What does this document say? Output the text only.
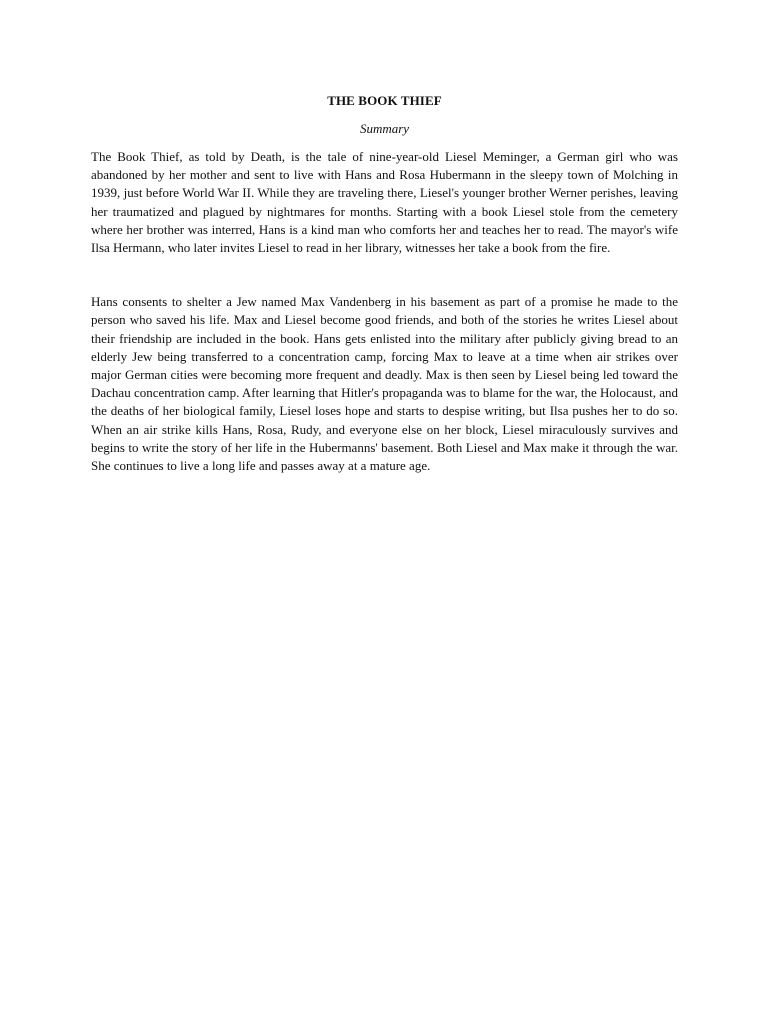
THE BOOK THIEF
Summary

The Book Thief, as told by Death, is the tale of nine-year-old Liesel Meminger, a German girl who was abandoned by her mother and sent to live with Hans and Rosa Hubermann in the sleepy town of Molching in 1939, just before World War II. While they are traveling there, Liesel's younger brother Werner perishes, leaving her traumatized and plagued by nightmares for months. Starting with a book Liesel stole from the cemetery where her brother was interred, Hans is a kind man who comforts her and teaches her to read. The mayor's wife Ilsa Hermann, who later invites Liesel to read in her library, witnesses her take a book from the fire.

Hans consents to shelter a Jew named Max Vandenberg in his basement as part of a promise he made to the person who saved his life. Max and Liesel become good friends, and both of the stories he writes Liesel about their friendship are included in the book. Hans gets enlisted into the military after publicly giving bread to an elderly Jew being transferred to a concentration camp, forcing Max to leave at a time when air strikes over major German cities were becoming more frequent and deadly. Max is then seen by Liesel being led toward the Dachau concentration camp. After learning that Hitler's propaganda was to blame for the war, the Holocaust, and the deaths of her biological family, Liesel loses hope and starts to despise writing, but Ilsa pushes her to do so. When an air strike kills Hans, Rosa, Rudy, and everyone else on her block, Liesel miraculously survives and begins to write the story of her life in the Hubermanns' basement. Both Liesel and Max make it through the war. She continues to live a long life and passes away at a mature age.
